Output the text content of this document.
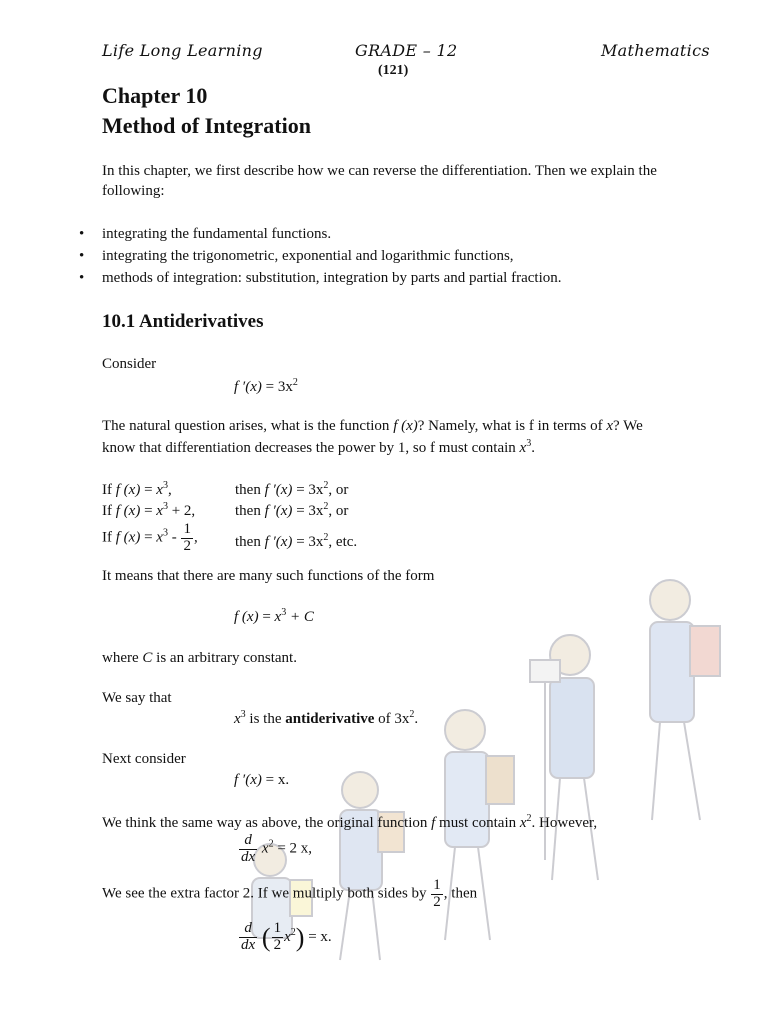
Life Long Learning	GRADE – 12	Mathematics
(121)
Chapter 10
Method of Integration
In this chapter, we first describe how we can reverse the differentiation. Then we explain the
following:
• integrating the fundamental functions.
• integrating the trigonometric, exponential and logarithmic functions,
• methods of integration: substitution, integration by parts and partial fraction.
10.1 Antiderivatives
Consider
f $'(x) = 3x^2$
The natural question arises, what is the function f (x)? Namely, what is f in terms of x? We
know that differentiation decreases the power by 1, so f must contain $x^3$.
If f $(x) = x^3$,	then f $'(x) = 3x^2$, or
If f $(x) = x^3 + 2$,	then f $'(x) = 3x^2$, or
If f $(x) = x^3 - \frac{1}{2}$ , then f $'(x) = 3x^2$, etc.
It means that there are many such functions of the form
f $(x) = x^3 + C$
where C is an arbitrary constant.
We say that
$x^3$ is the antiderivative of $3x^2$.
Next consider
f ′(x) = x.
We think the same way as above, the original function f must contain $x^2$. However,
$\frac{d}{dx} x^2 = 2$ x,
We see the extra factor 2. If we multiply both sides by $\frac{1}{2}$ , then
$\frac{d}{dx}$ ( $\frac{1}{2} x^2) = x$.
